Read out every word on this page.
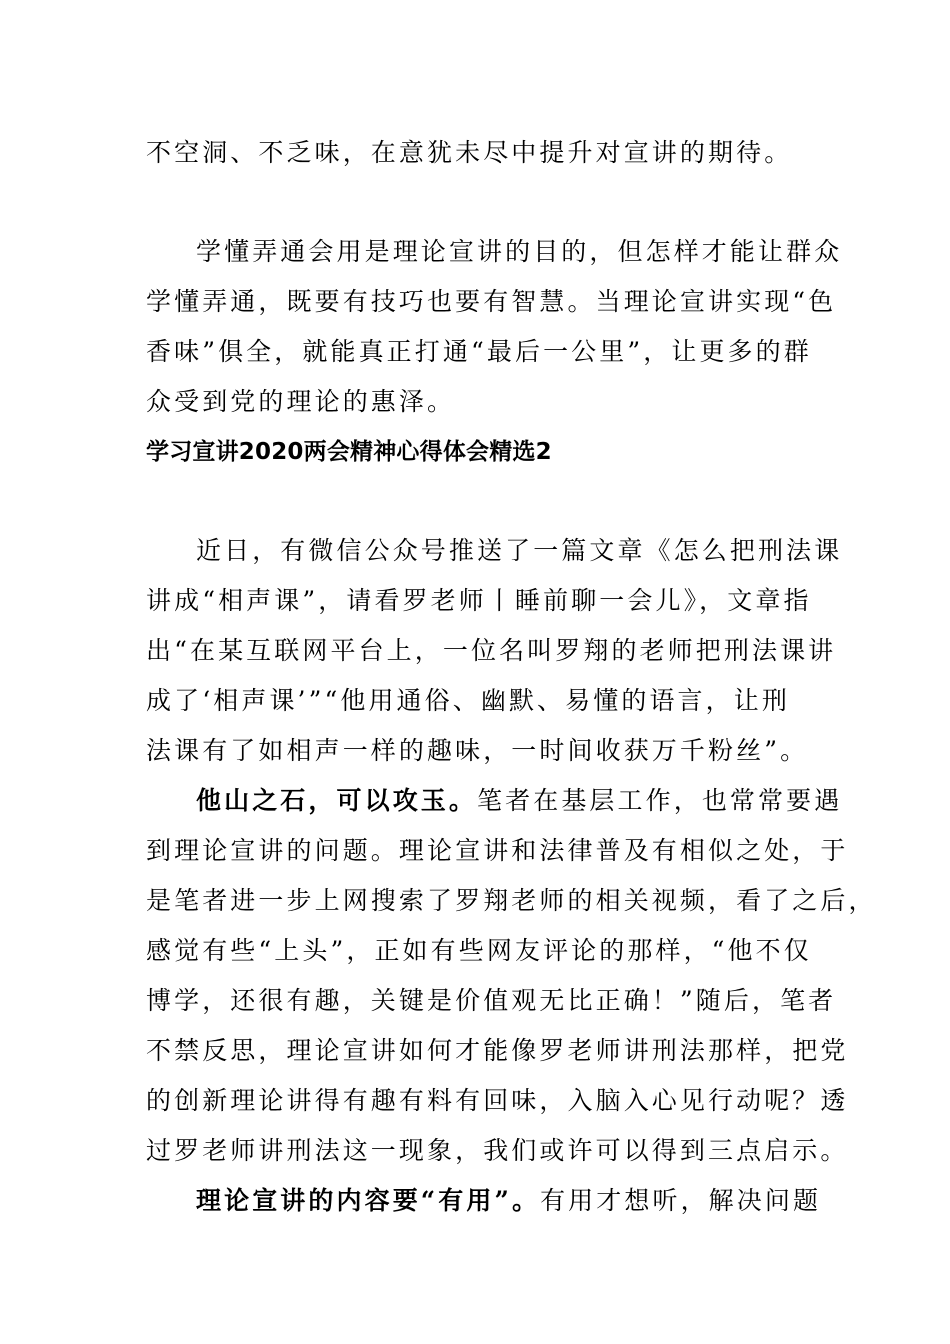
不空洞、不乏味，在意犹未尽中提升对宣讲的期待。
学懂弄通会用是理论宣讲的目的，但怎样才能让群众
学懂弄通，既要有技巧也要有智慧。当理论宣讲实现“色
香味”俱全，就能真正打通“最后一公里”，让更多的群
众受到党的理论的惠泽。
学习宣讲2020两会精神心得体会精选2
近日，有微信公众号推送了一篇文章《怎么把刑法课
讲成“相声课”，请看罗老师丨睡前聊一会儿》，文章指
出“在某互联网平台上，一位名叫罗翔的老师把刑法课讲
成了‘相声课’”“他用通俗、幽默、易懂的语言，让刑
法课有了如相声一样的趣味，一时间收获万千粉丝”。
他山之石，可以攻玉。笔者在基层工作，也常常要遇
到理论宣讲的问题。理论宣讲和法律普及有相似之处，于
是笔者进一步上网搜索了罗翔老师的相关视频，看了之后，
感觉有些“上头”，正如有些网友评论的那样，“他不仅
博学，还很有趣，关键是价值观无比正确！”随后，笔者
不禁反思，理论宣讲如何才能像罗老师讲刑法那样，把党
的创新理论讲得有趣有料有回味，入脑入心见行动呢？透
过罗老师讲刑法这一现象，我们或许可以得到三点启示。
理论宣讲的内容要“有用”。有用才想听，解决问题
